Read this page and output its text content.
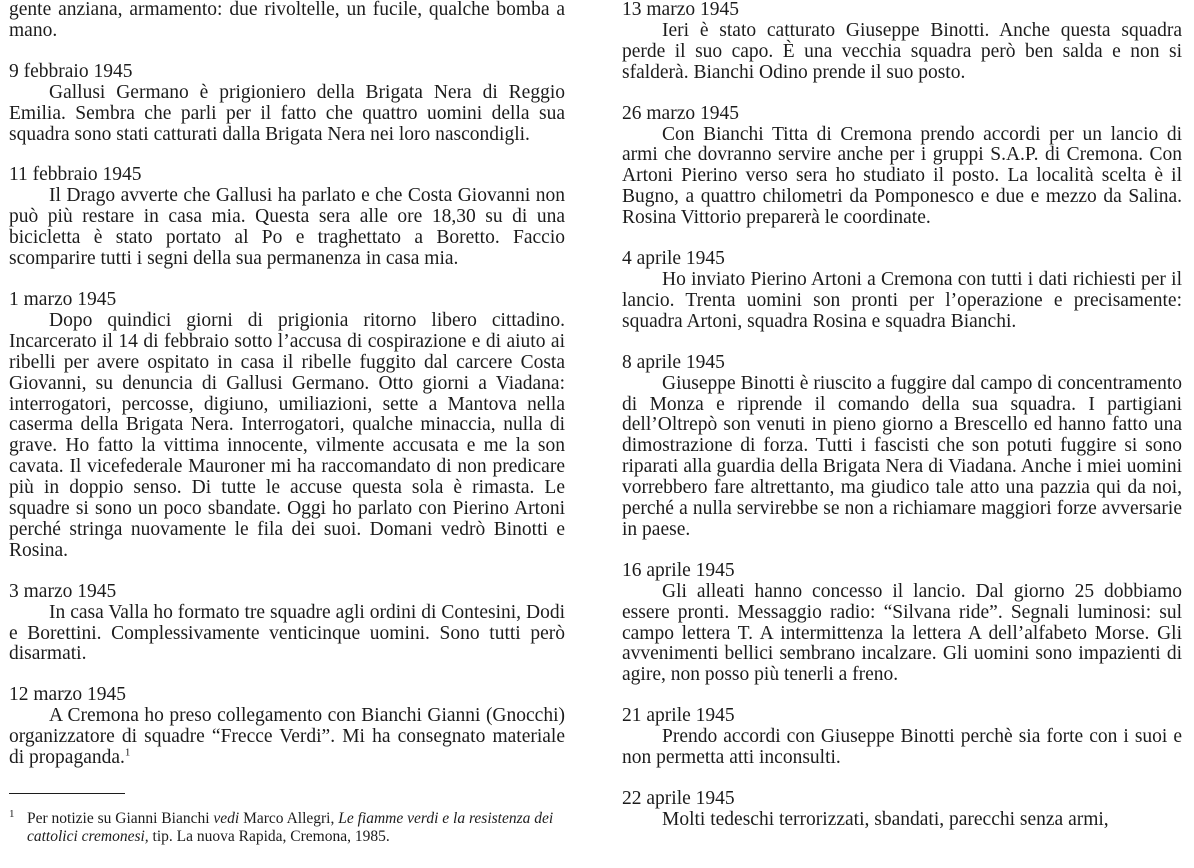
gente anziana, armamento: due rivoltelle, un fucile, qualche bomba a mano.

9 febbraio 1945

Gallusi Germano è prigioniero della Brigata Nera di Reggio Emilia. Sembra che parli per il fatto che quattro uomini della sua squadra sono stati catturati dalla Brigata Nera nei loro nascondigli.

11 febbraio 1945

Il Drago avverte che Gallusi ha parlato e che Costa Giovanni non può più restare in casa mia. Questa sera alle ore 18,30 su di una bicicletta è stato portato al Po e traghettato a Boretto. Faccio scomparire tutti i segni della sua permanenza in casa mia.

1 marzo 1945

Dopo quindici giorni di prigionia ritorno libero cittadino. Incarcerato il 14 di febbraio sotto l’accusa di cospirazione e di aiuto ai ribelli per avere ospitato in casa il ribelle fuggito dal carcere Costa Giovanni, su denuncia di Gallusi Germano. Otto giorni a Viadana: interrogatori, percosse, digiuno, umiliazioni, sette a Mantova nella caserma della Brigata Nera. Interrogatori, qualche minaccia, nulla di grave. Ho fatto la vittima innocente, vilmente accusata e me la son cavata. Il vicefederale Mauroner mi ha raccomandato di non predicare più in doppio senso. Di tutte le accuse questa sola è rimasta. Le squadre si sono un poco sbandate. Oggi ho parlato con Pierino Artoni perché stringa nuovamente le fila dei suoi. Domani vedrò Binotti e Rosina.

3 marzo 1945

In casa Valla ho formato tre squadre agli ordini di Contesini, Dodi e Borettini. Complessivamente venticinque uomini. Sono tutti però disarmati.

12 marzo 1945

A Cremona ho preso collegamento con Bianchi Gianni (Gnocchi) organizzatore di squadre “Frecce Verdi”. Mi ha consegnato materiale di propaganda.$^1$

1 Per notizie su Gianni Bianchi vedi Marco Allegri, Le fiamme verdi e la resistenza dei cattolici cremonesi, tip. La nuova Rapida, Cremona, 1985.

13 marzo 1945

Ieri è stato catturato Giuseppe Binotti. Anche questa squadra perde il suo capo. È una vecchia squadra però ben salda e non si sfalderà. Bianchi Odino prende il suo posto.

26 marzo 1945

Con Bianchi Titta di Cremona prendo accordi per un lancio di armi che dovranno servire anche per i gruppi S.A.P. di Cremona. Con Artoni Pierino verso sera ho studiato il posto. La località scelta è il Bugno, a quattro chilometri da Pomponesco e due e mezzo da Salina. Rosina Vittorio preparerà le coordinate.

4 aprile 1945

Ho inviato Pierino Artoni a Cremona con tutti i dati richiesti per il lancio. Trenta uomini son pronti per l’operazione e precisamente: squadra Artoni, squadra Rosina e squadra Bianchi.

8 aprile 1945

Giuseppe Binotti è riuscito a fuggire dal campo di concentramento di Monza e riprende il comando della sua squadra. I partigiani dell’Oltrepò son venuti in pieno giorno a Brescello ed hanno fatto una dimostrazione di forza. Tutti i fascisti che son potuti fuggire si sono riparati alla guardia della Brigata Nera di Viadana. Anche i miei uomini vorrebbero fare altrettanto, ma giudico tale atto una pazzia qui da noi, perché a nulla servirebbe se non a richiamare maggiori forze avversarie in paese.

16 aprile 1945

Gli alleati hanno concesso il lancio. Dal giorno 25 dobbiamo essere pronti. Messaggio radio: “Silvana ride”. Segnali luminosi: sul campo lettera T. A intermittenza la lettera A dell’alfabeto Morse. Gli avvenimenti bellici sembrano incalzare. Gli uomini sono impazienti di agire, non posso più tenerli a freno.

21 aprile 1945

Prendo accordi con Giuseppe Binotti perchè sia forte con i suoi e non permetta atti inconsulti.

22 aprile 1945

Molti tedeschi terrorizzati, sbandati, parecchi senza armi,
